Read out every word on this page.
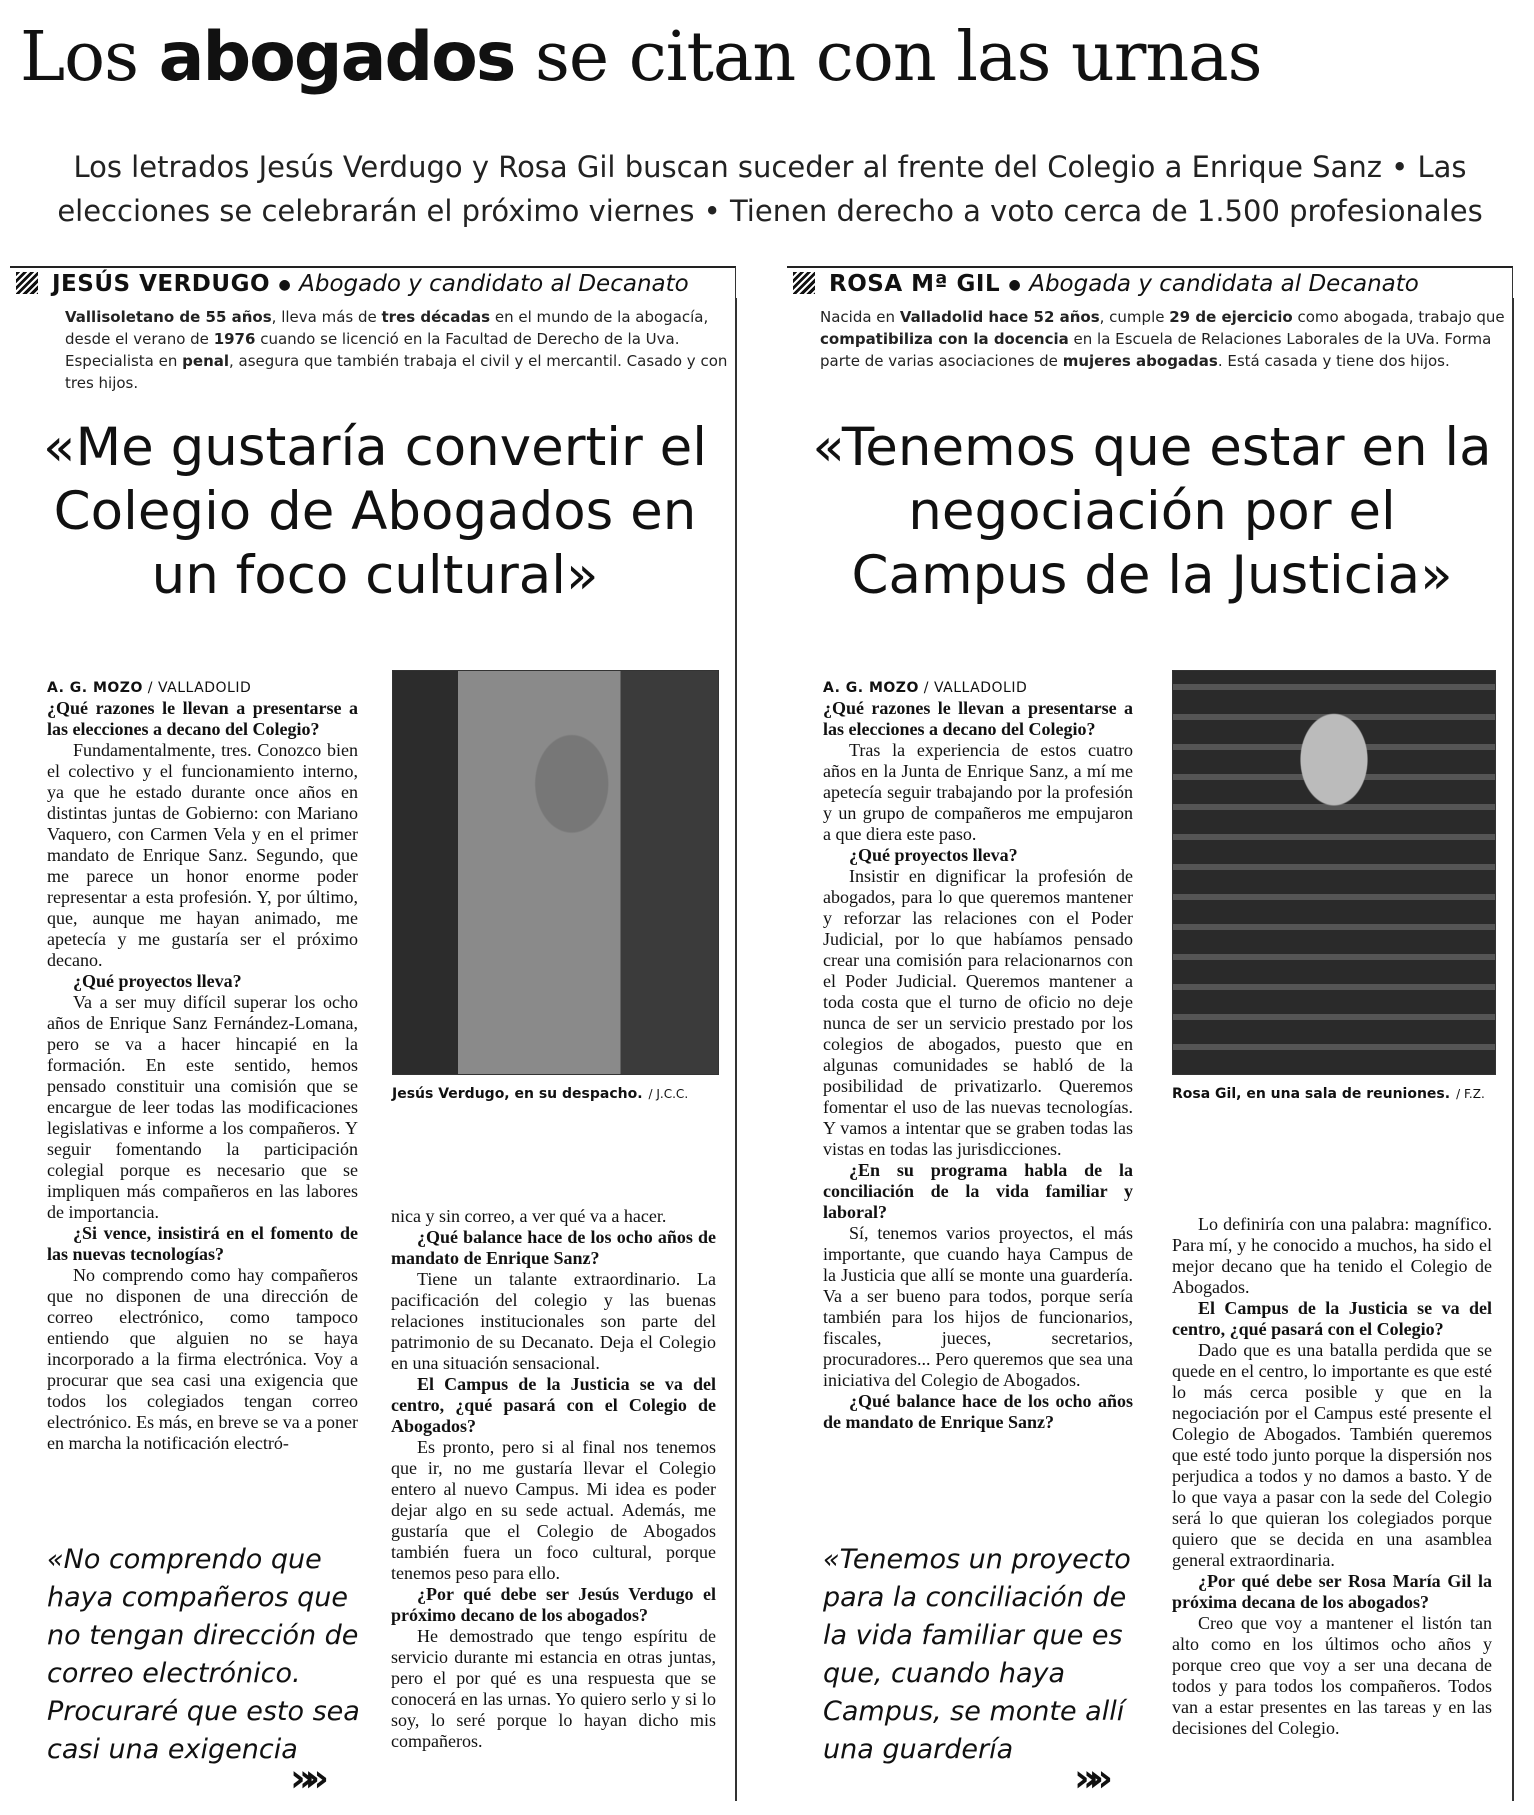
Los abogados se citan con las urnas
Los letrados Jesús Verdugo y Rosa Gil buscan suceder al frente del Colegio a Enrique Sanz • Las elecciones se celebrarán el próximo viernes • Tienen derecho a voto cerca de 1.500 profesionales
JESÚS VERDUGO ● Abogado y candidato al Decanato
Vallisoletano de 55 años, lleva más de tres décadas en el mundo de la abogacía, desde el verano de 1976 cuando se licenció en la Facultad de Derecho de la Uva. Especialista en penal, asegura que también trabaja el civil y el mercantil. Casado y con tres hijos.
«Me gustaría convertir el Colegio de Abogados en un foco cultural»
A. G. MOZO / VALLADOLID

¿Qué razones le llevan a presentarse a las elecciones a decano del Colegio?

Fundamentalmente, tres. Conozco bien el colectivo y el funcionamiento interno, ya que he estado durante once años en distintas juntas de Gobierno: con Mariano Vaquero, con Carmen Vela y en el primer mandato de Enrique Sanz. Segundo, que me parece un honor enorme poder representar a esta profesión. Y, por último, que, aunque me hayan animado, me apetecía y me gustaría ser el próximo decano.

¿Qué proyectos lleva?

Va a ser muy difícil superar los ocho años de Enrique Sanz Fernández-Lomana, pero se va a hacer hincapié en la formación. En este sentido, hemos pensado constituir una comisión que se encargue de leer todas las modificaciones legislativas e informe a los compañeros. Y seguir fomentando la participación colegial porque es necesario que se impliquen más compañeros en las labores de importancia.

¿Si vence, insistirá en el fomento de las nuevas tecnologías?

No comprendo como hay compañeros que no disponen de una dirección de correo electrónico, como tampoco entiendo que alguien no se haya incorporado a la firma electrónica. Voy a procurar que sea casi una exigencia que todos los colegiados tengan correo electrónico. Es más, en breve se va a poner en marcha la notificación electró-

Jesús Verdugo, en su despacho. / J.C.C.

nica y sin correo, a ver qué va a hacer.

¿Qué balance hace de los ocho años de mandato de Enrique Sanz?

Tiene un talante extraordinario. La pacificación del colegio y las buenas relaciones institucionales son parte del patrimonio de su Decanato. Deja el Colegio en una situación sensacional.

El Campus de la Justicia se va del centro, ¿qué pasará con el Colegio de Abogados?

Es pronto, pero si al final nos tenemos que ir, no me gustaría llevar el Colegio entero al nuevo Campus. Mi idea es poder dejar algo en su sede actual. Además, me gustaría que el Colegio de Abogados también fuera un foco cultural, porque tenemos peso para ello.

¿Por qué debe ser Jesús Verdugo el próximo decano de los abogados?

He demostrado que tengo espíritu de servicio durante mi estancia en otras juntas, pero el por qué es una respuesta que se conocerá en las urnas. Yo quiero serlo y si lo soy, lo seré porque lo hayan dicho mis compañeros.

«No comprendo que haya compañeros que no tengan dirección de correo electrónico. Procuraré que esto sea casi una exigencia
»»
ROSA Mª GIL ● Abogada y candidata al Decanato
Nacida en Valladolid hace 52 años, cumple 29 de ejercicio como abogada, trabajo que compatibiliza con la docencia en la Escuela de Relaciones Laborales de la UVa. Forma parte de varias asociaciones de mujeres abogadas. Está casada y tiene dos hijos.
«Tenemos que estar en la negociación por el Campus de la Justicia»
A. G. MOZO / VALLADOLID

¿Qué razones le llevan a presentarse a las elecciones a decano del Colegio?

Tras la experiencia de estos cuatro años en la Junta de Enrique Sanz, a mí me apetecía seguir trabajando por la profesión y un grupo de compañeros me empujaron a que diera este paso.

¿Qué proyectos lleva?

Insistir en dignificar la profesión de abogados, para lo que queremos mantener y reforzar las relaciones con el Poder Judicial, por lo que habíamos pensado crear una comisión para relacionarnos con el Poder Judicial. Queremos mantener a toda costa que el turno de oficio no deje nunca de ser un servicio prestado por los colegios de abogados, puesto que en algunas comunidades se habló de la posibilidad de privatizarlo. Queremos fomentar el uso de las nuevas tecnologías. Y vamos a intentar que se graben todas las vistas en todas las jurisdicciones.

¿En su programa habla de la conciliación de la vida familiar y laboral?

Sí, tenemos varios proyectos, el más importante, que cuando haya Campus de la Justicia que allí se monte una guardería. Va a ser bueno para todos, porque sería también para los hijos de funcionarios, fiscales, jueces, secretarios, procuradores... Pero queremos que sea una iniciativa del Colegio de Abogados.

¿Qué balance hace de los ocho años de mandato de Enrique Sanz?

Rosa Gil, en una sala de reuniones. / F.Z.

Lo definiría con una palabra: magnífico. Para mí, y he conocido a muchos, ha sido el mejor decano que ha tenido el Colegio de Abogados.

El Campus de la Justicia se va del centro, ¿qué pasará con el Colegio?

Dado que es una batalla perdida que se quede en el centro, lo importante es que esté lo más cerca posible y que en la negociación por el Campus esté presente el Colegio de Abogados. También queremos que esté todo junto porque la dispersión nos perjudica a todos y no damos a basto. Y de lo que vaya a pasar con la sede del Colegio será lo que quieran los colegiados porque quiero que se decida en una asamblea general extraordinaria.

¿Por qué debe ser Rosa María Gil la próxima decana de los abogados?

Creo que voy a mantener el listón tan alto como en los últimos ocho años y porque creo que voy a ser una decana de todos y para todos los compañeros. Todos van a estar presentes en las tareas y en las decisiones del Colegio.

«Tenemos un proyecto para la conciliación de la vida familiar que es que, cuando haya Campus, se monte allí una guardería
»»
